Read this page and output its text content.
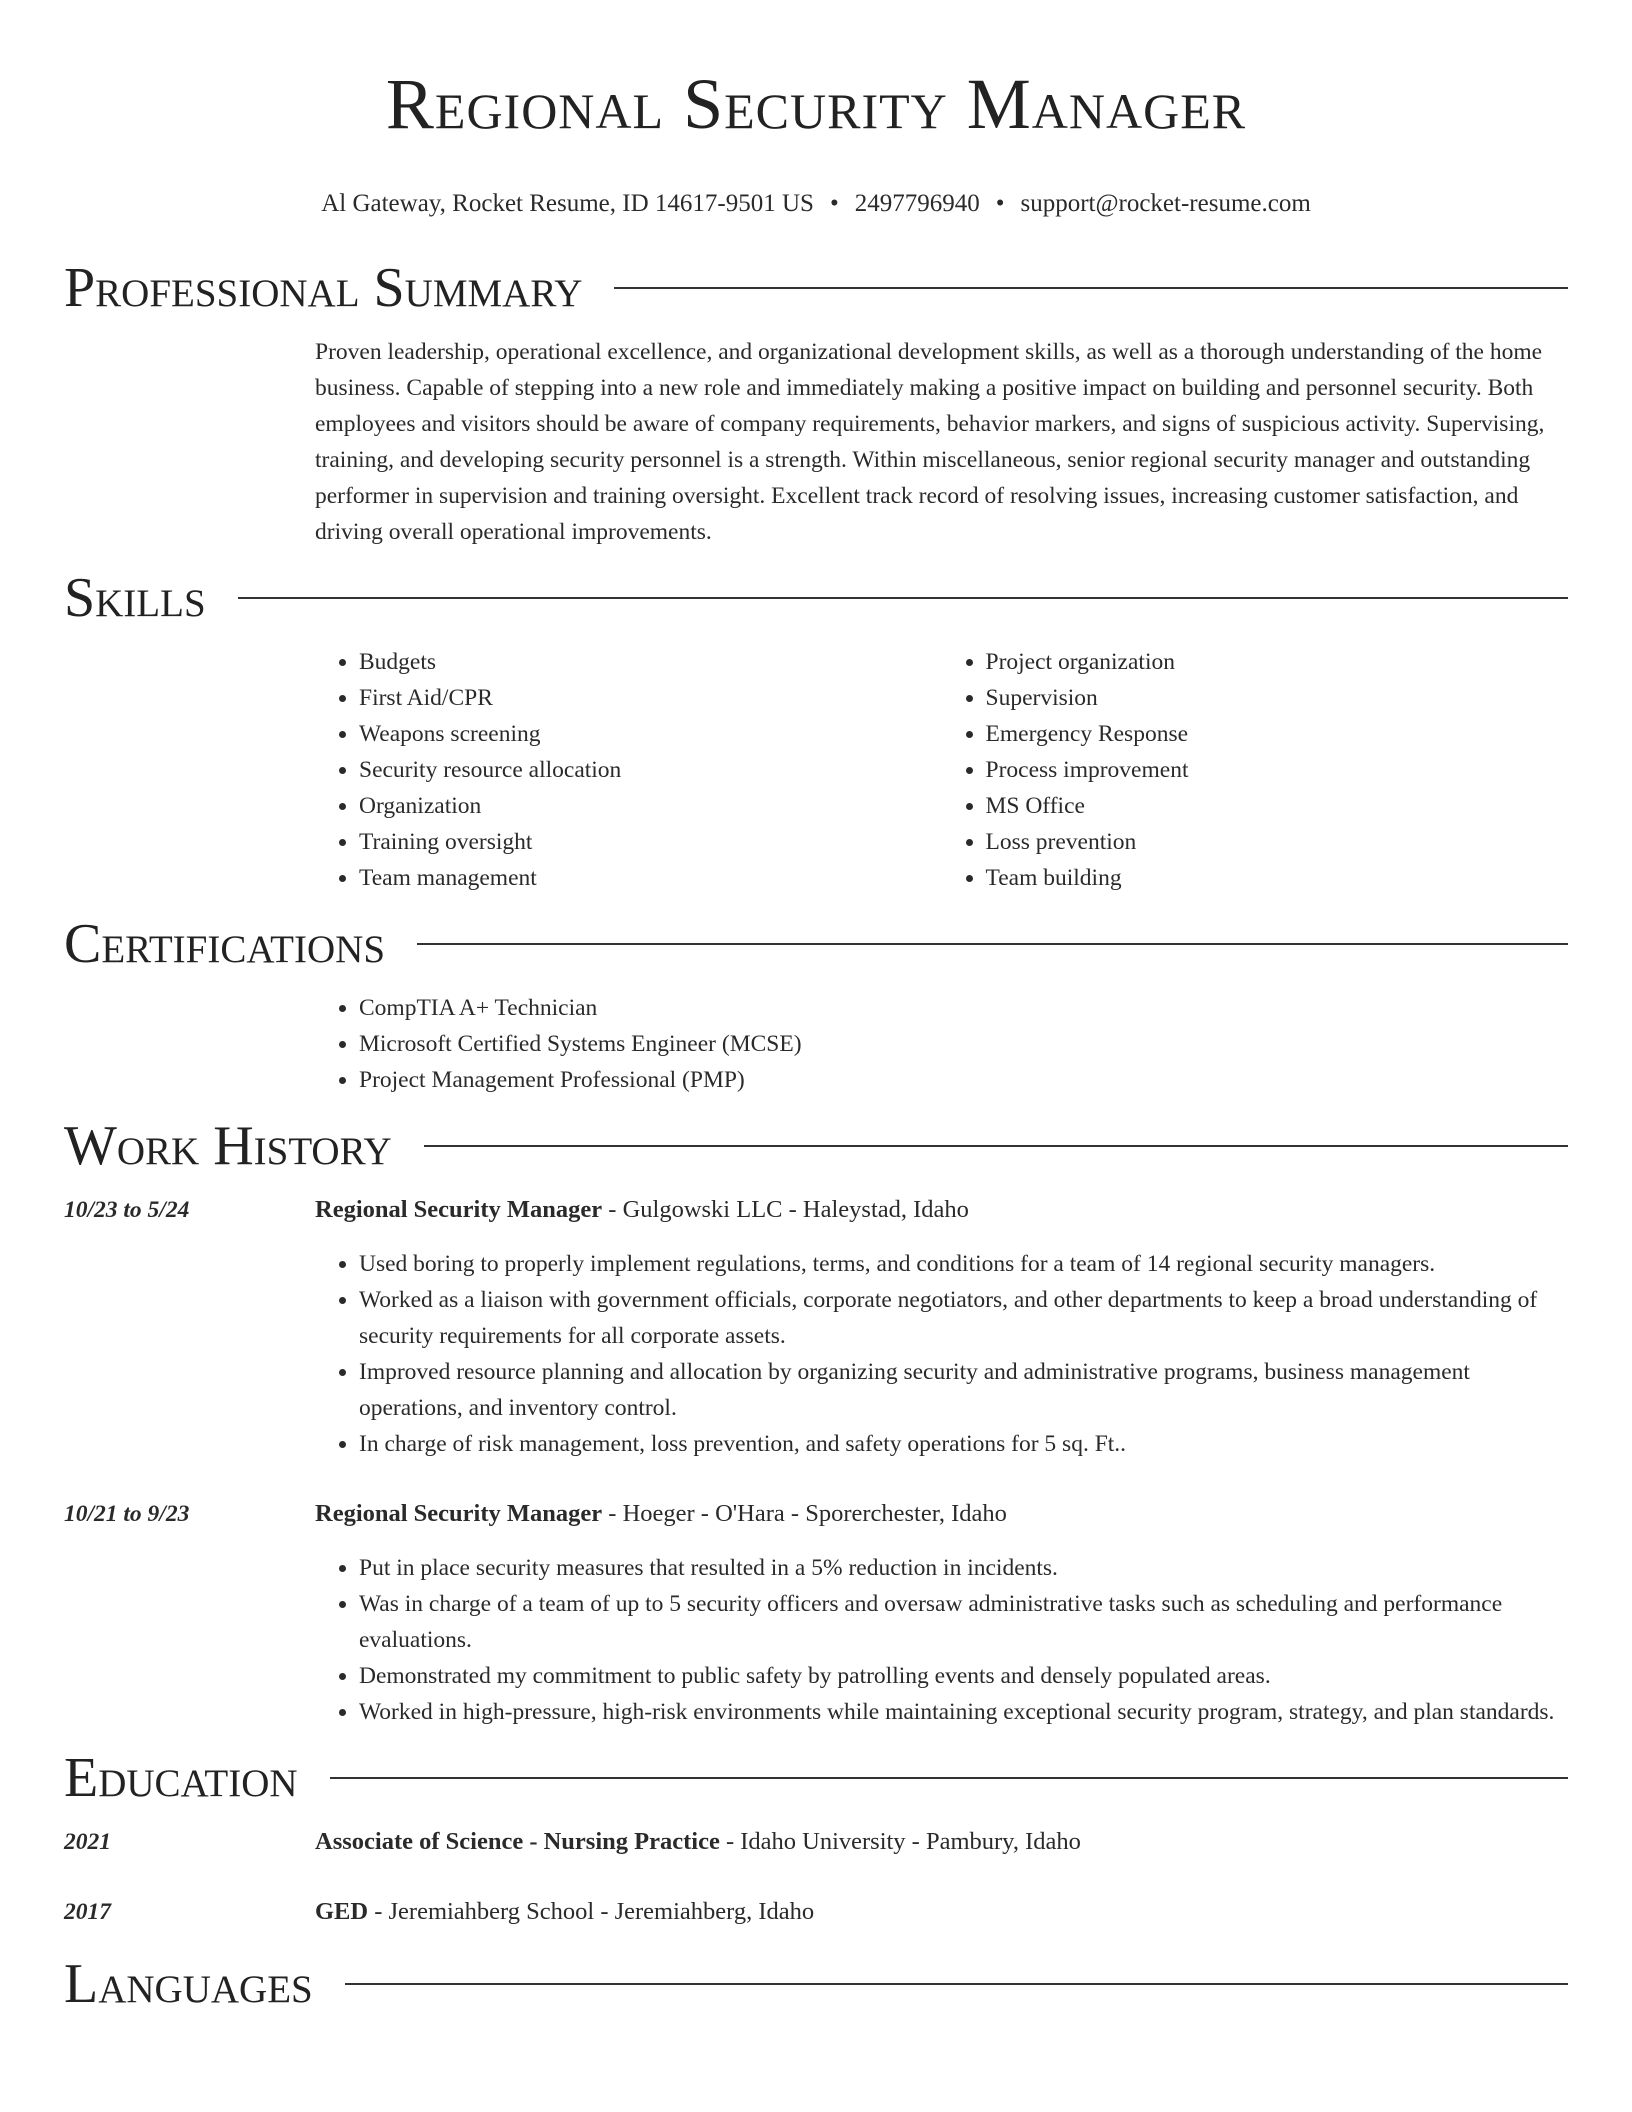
Regional Security Manager
Al Gateway, Rocket Resume, ID 14617-9501 US • 2497796940 • support@rocket-resume.com
Professional Summary
Proven leadership, operational excellence, and organizational development skills, as well as a thorough understanding of the home business. Capable of stepping into a new role and immediately making a positive impact on building and personnel security. Both employees and visitors should be aware of company requirements, behavior markers, and signs of suspicious activity. Supervising, training, and developing security personnel is a strength. Within miscellaneous, senior regional security manager and outstanding performer in supervision and training oversight. Excellent track record of resolving issues, increasing customer satisfaction, and driving overall operational improvements.
Skills
• Budgets
• First Aid/CPR
• Weapons screening
• Security resource allocation
• Organization
• Training oversight
• Team management
• Project organization
• Supervision
• Emergency Response
• Process improvement
• MS Office
• Loss prevention
• Team building
Certifications
• CompTIA A+ Technician
• Microsoft Certified Systems Engineer (MCSE)
• Project Management Professional (PMP)
Work History
10/23 to 5/24	Regional Security Manager - Gulgowski LLC - Haleystad, Idaho
• Used boring to properly implement regulations, terms, and conditions for a team of 14 regional security managers.
• Worked as a liaison with government officials, corporate negotiators, and other departments to keep a broad understanding of security requirements for all corporate assets.
• Improved resource planning and allocation by organizing security and administrative programs, business management operations, and inventory control.
• In charge of risk management, loss prevention, and safety operations for 5 sq. Ft..
10/21 to 9/23	Regional Security Manager - Hoeger - O'Hara - Sporerchester, Idaho
• Put in place security measures that resulted in a 5% reduction in incidents.
• Was in charge of a team of up to 5 security officers and oversaw administrative tasks such as scheduling and performance evaluations.
• Demonstrated my commitment to public safety by patrolling events and densely populated areas.
• Worked in high-pressure, high-risk environments while maintaining exceptional security program, strategy, and plan standards.
Education
2021	Associate of Science - Nursing Practice - Idaho University - Pambury, Idaho
2017	GED - Jeremiahberg School - Jeremiahberg, Idaho
Languages
